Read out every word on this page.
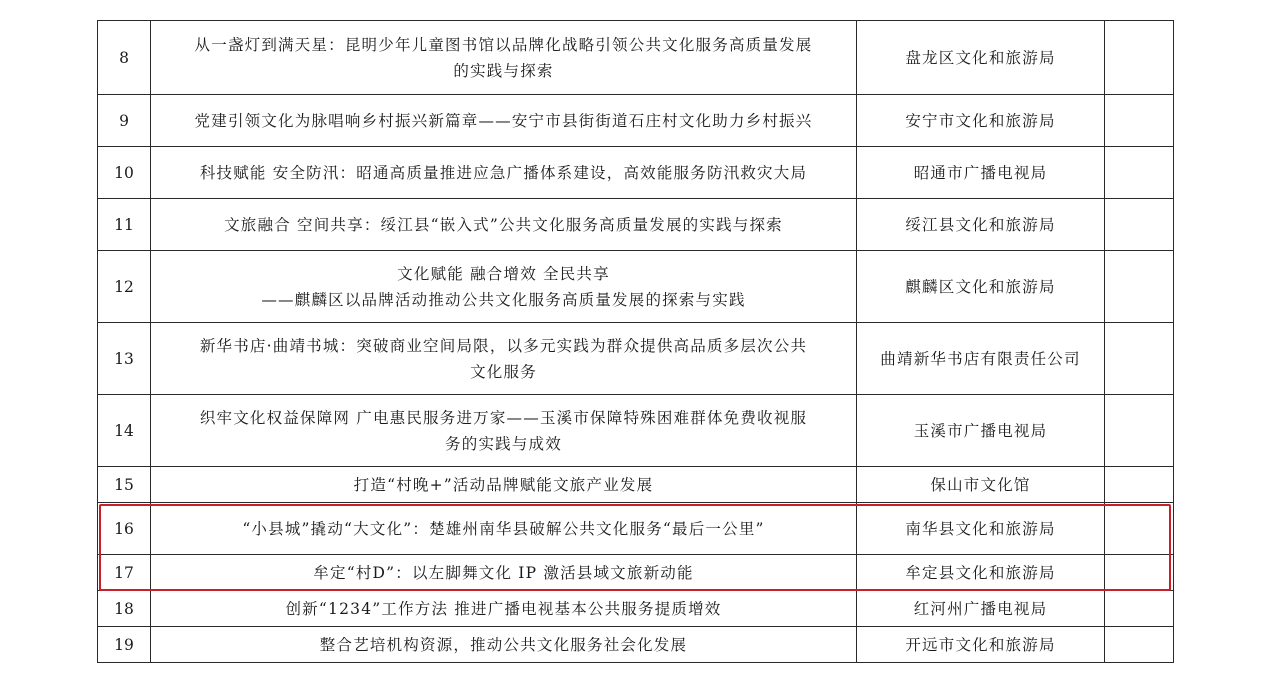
8	从一盏灯到满天星：昆明少年儿童图书馆以品牌化战略引领公共文化服务高质量发展
的实践与探索	盘龙区文化和旅游局	
9	党建引领文化为脉唱响乡村振兴新篇章——安宁市县街街道石庄村文化助力乡村振兴	安宁市文化和旅游局	
10	科技赋能 安全防汛：昭通高质量推进应急广播体系建设，高效能服务防汛救灾大局	昭通市广播电视局	
11	文旅融合 空间共享：绥江县“嵌入式”公共文化服务高质量发展的实践与探索	绥江县文化和旅游局	
12	文化赋能 融合增效 全民共享
——麒麟区以品牌活动推动公共文化服务高质量发展的探索与实践	麒麟区文化和旅游局	
13	新华书店·曲靖书城：突破商业空间局限，以多元实践为群众提供高品质多层次公共
文化服务	曲靖新华书店有限责任公司	
14	织牢文化权益保障网 广电惠民服务进万家——玉溪市保障特殊困难群体免费收视服
务的实践与成效	玉溪市广播电视局	
15	打造“村晚+”活动品牌赋能文旅产业发展	保山市文化馆	
16	“小县城”撬动“大文化”：楚雄州南华县破解公共文化服务“最后一公里”	南华县文化和旅游局	
17	牟定“村D”：以左脚舞文化 IP 激活县域文旅新动能	牟定县文化和旅游局	
18	创新“1234”工作方法 推进广播电视基本公共服务提质增效	红河州广播电视局	
19	整合艺培机构资源，推动公共文化服务社会化发展	开远市文化和旅游局	
